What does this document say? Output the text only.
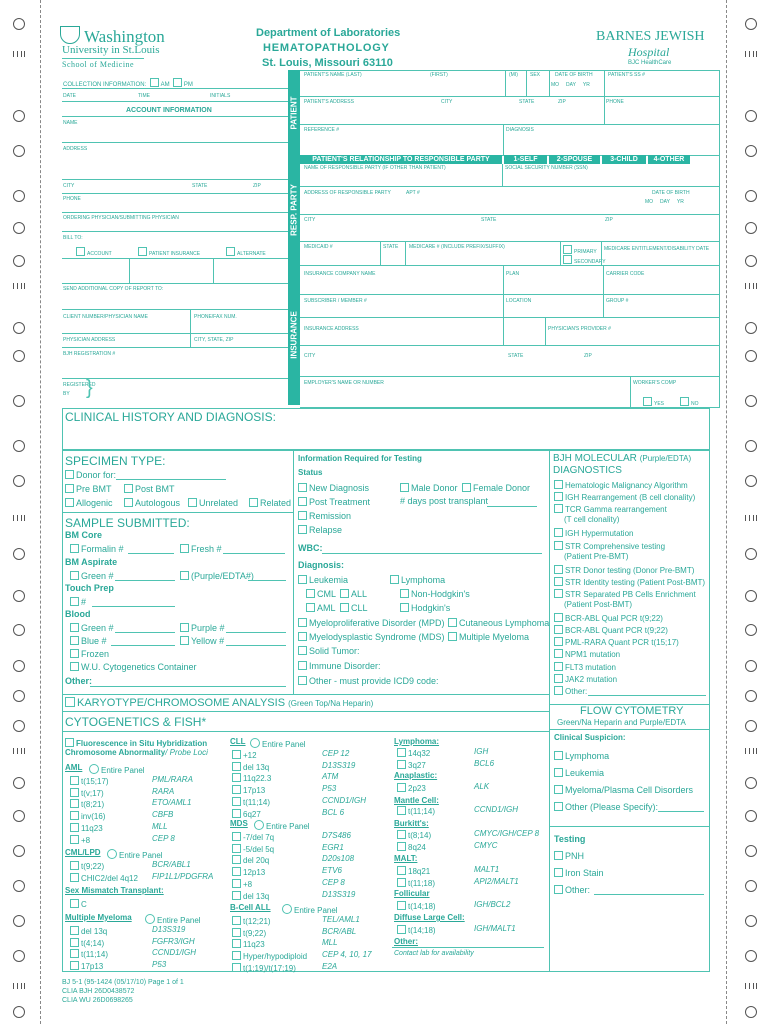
Washington
University in St.Louis
School of Medicine
Department of Laboratories
HEMATOPATHOLOGY
St. Louis, Missouri 63110
BARNES JEWISH
Hospital
BJC HealthCare
COLLECTION INFORMATION: AM PM
DATE	TIME	INITIALS
ACCOUNT INFORMATION
NAME
ADDRESS
CITY	STATE	ZIP
PHONE
ORDERING PHYSICIAN/SUBMITTING PHYSICIAN
BILL TO:
ACCOUNT	PATIENT INSURANCE	ALTERNATE
SEND ADDITIONAL COPY OF REPORT TO:
CLIENT NUMBER/PHYSICIAN NAME	PHONE/FAX NUM.
PHYSICIAN ADDRESS	CITY, STATE, ZIP
BJH REGISTRATION #
REGISTERED
BY }
PATIENT
RESP. PARTY
INSURANCE
PATIENT'S NAME (LAST)	(FIRST)	(MI) SEX	DATE OF BIRTH
MO DAY YR
PATIENT'S SS #
PATIENT'S ADDRESS	CITY	STATE	ZIP	PHONE
REFERENCE #	DIAGNOSIS
PATIENT'S RELATIONSHIP TO RESPONSIBLE PARTY	1-SELF	2-SPOUSE	3-CHILD	4-OTHER
NAME OF RESPONSIBLE PARTY (IF OTHER THAN PATIENT)	SOCIAL SECURITY NUMBER (SSN)
ADDRESS OF RESPONSIBLE PARTY	APT #	DATE OF BIRTH
MO DAY YR
CITY	STATE	ZIP
MEDICAID #	STATE MEDICARE # (INCLUDE PREFIX/SUFFIX)
PRIMARY
SECONDARY
MEDICARE ENTITLEMENT/DISABILITY DATE
INSURANCE COMPANY NAME	PLAN	CARRIER CODE
SUBSCRIBER / MEMBER #	LOCATION	GROUP #
INSURANCE ADDRESS	PHYSICIAN'S PROVIDER #
CITY	STATE	ZIP
EMPLOYER'S NAME OR NUMBER	WORKER'S COMP
YES	NO
CLINICAL HISTORY AND DIAGNOSIS:
SPECIMEN TYPE:
Donor for:
Pre BMT	Post BMT
Allogenic	Autologous	Unrelated	Related
SAMPLE SUBMITTED:
BM Core
Formalin #	Fresh #
BM Aspirate
Green #	(Purple/EDTA#)
Touch Prep
#
Blood
Green #	Purple #
Blue #	Yellow #
Frozen
W.U. Cytogenetics Container
Other:
Information Required for Testing
Status
New Diagnosis	Male Donor	Female Donor
Post Treatment	# days post transplant
Remission
Relapse
WBC:
Diagnosis:
Leukemia	Lymphoma
CML	ALL	Non-Hodgkin's
AML	CLL	Hodgkin's
Myeloproliferative Disorder (MPD)	Cutaneous Lymphoma
Myelodysplastic Syndrome (MDS)	Multiple Myeloma
Solid Tumor:
Immune Disorder:
Other - must provide ICD9 code:
BJH MOLECULAR (Purple/EDTA)
DIAGNOSTICS
Hematologic Malignancy Algorithm
IGH Rearrangement (B cell clonality)
TCR Gamma rearrangement
(T cell clonality)
IGH Hypermutation
STR Comprehensive testing
(Patient Pre-BMT)
STR Donor testing (Donor Pre-BMT)
STR Identity testing (Patient Post-BMT)
STR Separated PB Cells Enrichment
(Patient Post-BMT)
BCR-ABL Qual PCR t(9;22)
BCR-ABL Quant PCR t(9;22)
PML-RARA Quant PCR t(15;17)
NPM1 mutation
FLT3 mutation
JAK2 mutation
Other:
KARYOTYPE/CHROMOSOME ANALYSIS (Green Top/Na Heparin)
FLOW CYTOMETRY
Green/Na Heparin and Purple/EDTA
Clinical Suspicion:
Lymphoma
Leukemia
Myeloma/Plasma Cell Disorders
Other (Please Specify):
Testing
PNH
Iron Stain
Other:
CYTOGENETICS & FISH*
Fluorescence in Situ Hybridization
Chromosome Abnormality/ Probe Loci
AML	Entire Panel
t(15;17)	PML/RARA
t(v;17)	RARA
t(8;21)	ETO/AML1
inv(16)	CBFB
11q23	MLL
+8	CEP 8
CML/LPD	Entire Panel
t(9;22)	BCR/ABL1
CHIC2/del 4q12 FIP1L1/PDGFRA
Sex Mismatch Transplant:
C
Multiple Myeloma	Entire Panel
del 13q	D13S319
t(4;14)	FGFR3/IGH
t(11;14)	CCND1/IGH
17p13	P53
CLL	Entire Panel
+12	CEP 12
del 13q	D13S319
11q22.3	ATM
17p13	P53
t(11;14)	CCND1/IGH
6q27	BCL 6
MDS	Entire Panel
-7/del 7q	D7S486
-5/del 5q	EGR1
del 20q	D20s108
12p13	ETV6
+8	CEP 8
del 13q	D13S319
B-Cell ALL	Entire Panel
t(12;21)	TEL/AML1
t(9;22)	BCR/ABL
11q23	MLL
Hyper/hypodiploid CEP 4, 10, 17
t(1;19)/t(17;19)	E2A
Lymphoma:
14q32	IGH
3q27	BCL6
Anaplastic:
2p23	ALK
Mantle Cell:
t(11;14)	CCND1/IGH
Burkitt's:
t(8;14)	CMYC/IGH/CEP 8
8q24	CMYC
MALT:
18q21	MALT1
t(11;18)	API2/MALT1
Follicular
t(14;18)	IGH/BCL2
Diffuse Large Cell:
t(14;18)	IGH/MALT1
Other:
Contact lab for availability
BJ 5-1 (95-1424 (05/17/10) Page 1 of 1
CLIA BJH 26D0438572
CLIA WU 26D0698265
